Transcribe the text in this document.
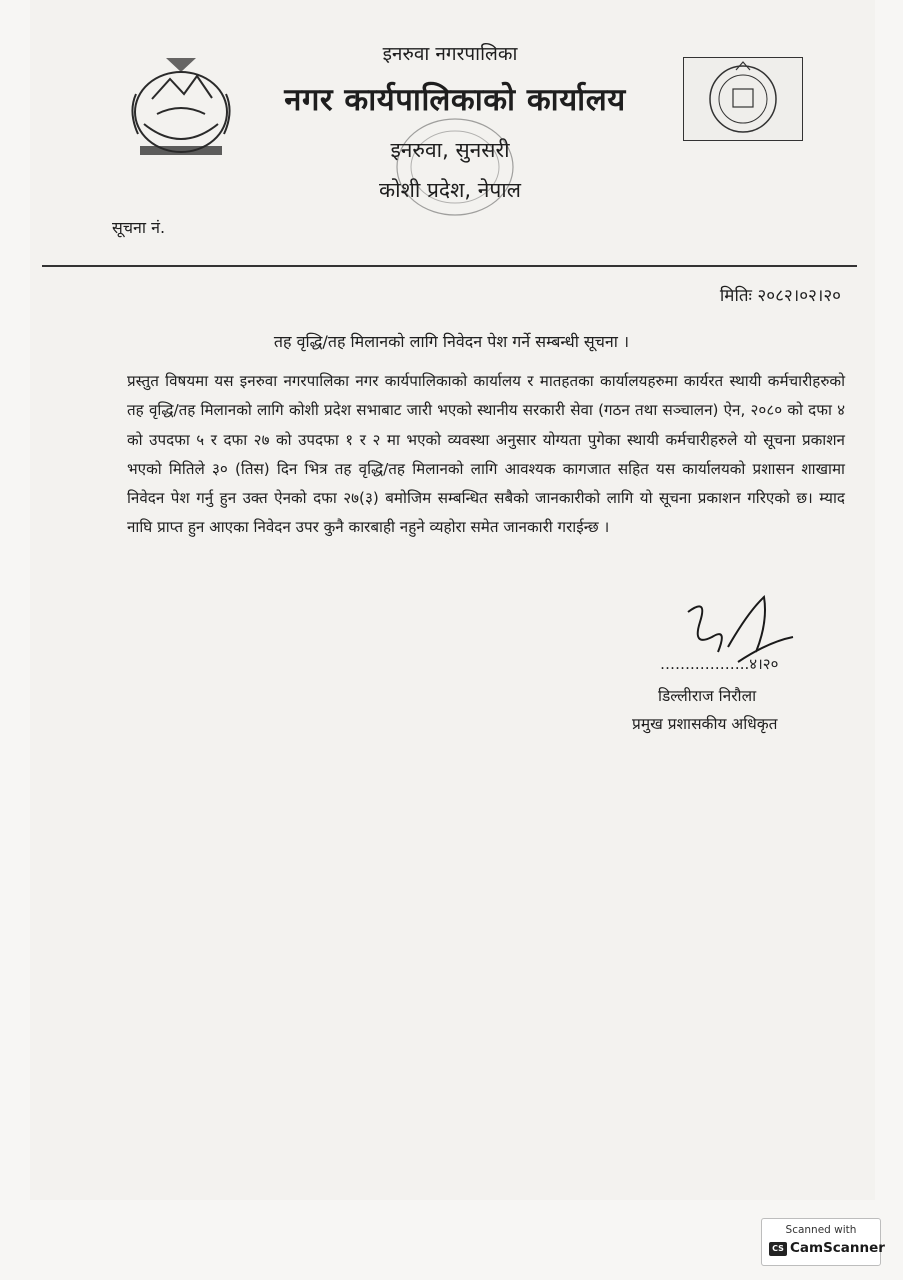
इनरुवा नगरपालिका
नगर कार्यपालिकाको कार्यालय
इनरुवा, सुनसरी
कोशी प्रदेश, नेपाल
सूचना नं.
मितिः २०८२।०२।२०
तह वृद्धि/तह मिलानको लागि निवेदन पेश गर्ने सम्बन्धी सूचना ।
प्रस्तुत विषयमा यस इनरुवा नगरपालिका नगर कार्यपालिकाको कार्यालय र मातहतका कार्यालयहरुमा कार्यरत स्थायी कर्मचारीहरुको तह वृद्धि/तह मिलानको लागि कोशी प्रदेश सभाबाट जारी भएको स्थानीय सरकारी सेवा (गठन तथा सञ्चालन) ऐन, २०८० को दफा ४ को उपदफा ५ र दफा २७ को उपदफा १ र २ मा भएको व्यवस्था अनुसार योग्यता पुगेका स्थायी कर्मचारीहरुले यो सूचना प्रकाशन भएको मितिले ३० (तिस) दिन भित्र तह वृद्धि/तह मिलानको लागि आवश्यक कागजात सहित यस कार्यालयको प्रशासन शाखामा निवेदन पेश गर्नु हुन उक्त ऐनको दफा २७(३) बमोजिम सम्बन्धित सबैको जानकारीको लागि यो सूचना प्रकाशन गरिएको छ। म्याद नाघि प्राप्त हुन आएका निवेदन उपर कुनै कारबाही नहुने व्यहोरा समेत जानकारी गराईन्छ ।
…….………..४।२०
डिल्लीराज निरौला
प्रमुख प्रशासकीय अधिकृत
Scanned with
CS CamScanner
